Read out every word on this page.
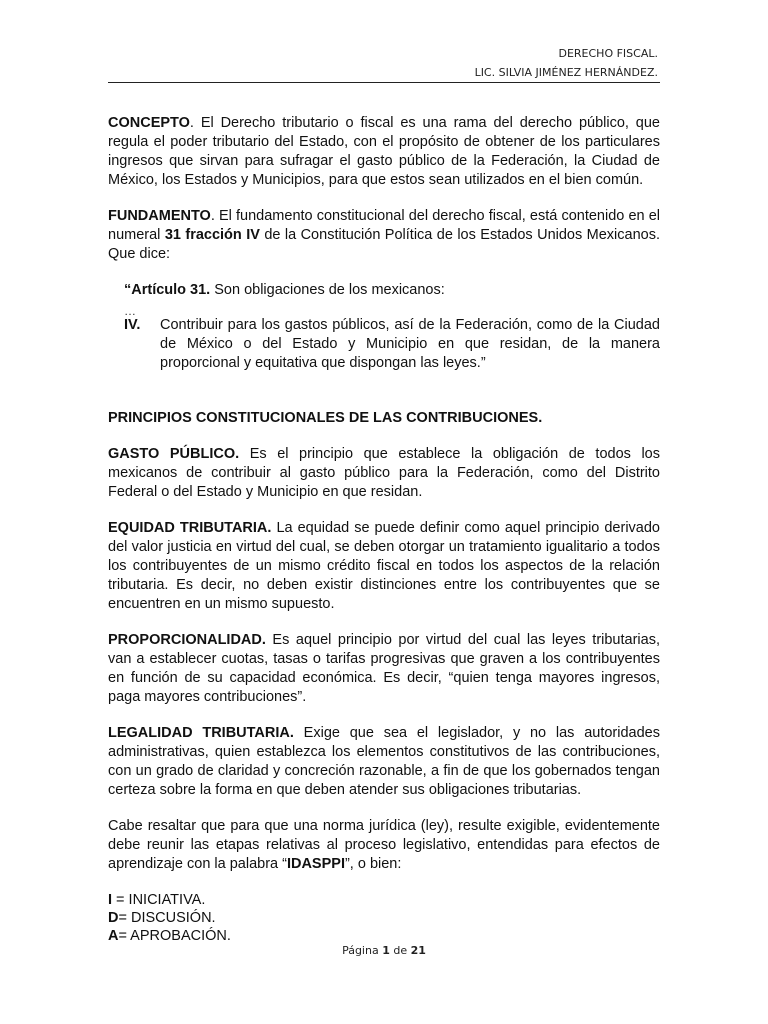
DERECHO FISCAL.
LIC. SILVIA JIMÉNEZ HERNÁNDEZ.

CONCEPTO. El Derecho tributario o fiscal es una rama del derecho público, que regula el poder tributario del Estado, con el propósito de obtener de los particulares ingresos que sirvan para sufragar el gasto público de la Federación, la Ciudad de México, los Estados y Municipios, para que estos sean utilizados en el bien común.

FUNDAMENTO. El fundamento constitucional del derecho fiscal, está contenido en el numeral 31 fracción IV de la Constitución Política de los Estados Unidos Mexicanos. Que dice:

“Artículo 31. Son obligaciones de los mexicanos:

…

IV.	Contribuir para los gastos públicos, así de la Federación, como de la Ciudad de México o del Estado y Municipio en que residan, de la manera proporcional y equitativa que dispongan las leyes.”

PRINCIPIOS CONSTITUCIONALES DE LAS CONTRIBUCIONES.

GASTO PÚBLICO. Es el principio que establece la obligación de todos los mexicanos de contribuir al gasto público para la Federación, como del Distrito Federal o del Estado y Municipio en que residan.

EQUIDAD TRIBUTARIA. La equidad se puede definir como aquel principio derivado del valor justicia en virtud del cual, se deben otorgar un tratamiento igualitario a todos los contribuyentes de un mismo crédito fiscal en todos los aspectos de la relación tributaria. Es decir, no deben existir distinciones entre los contribuyentes que se encuentren en un mismo supuesto.

PROPORCIONALIDAD. Es aquel principio por virtud del cual las leyes tributarias, van a establecer cuotas, tasas o tarifas progresivas que graven a los contribuyentes en función de su capacidad económica. Es decir, “quien tenga mayores ingresos, paga mayores contribuciones”.

LEGALIDAD TRIBUTARIA. Exige que sea el legislador, y no las autoridades administrativas, quien establezca los elementos constitutivos de las contribuciones, con un grado de claridad y concreción razonable, a fin de que los gobernados tengan certeza sobre la forma en que deben atender sus obligaciones tributarias.

Cabe resaltar que para que una norma jurídica (ley), resulte exigible, evidentemente debe reunir las etapas relativas al proceso legislativo, entendidas para efectos de aprendizaje con la palabra “IDASPPI”, o bien:

I = INICIATIVA.
D= DISCUSIÓN.
A= APROBACIÓN.
Página 1 de 21
